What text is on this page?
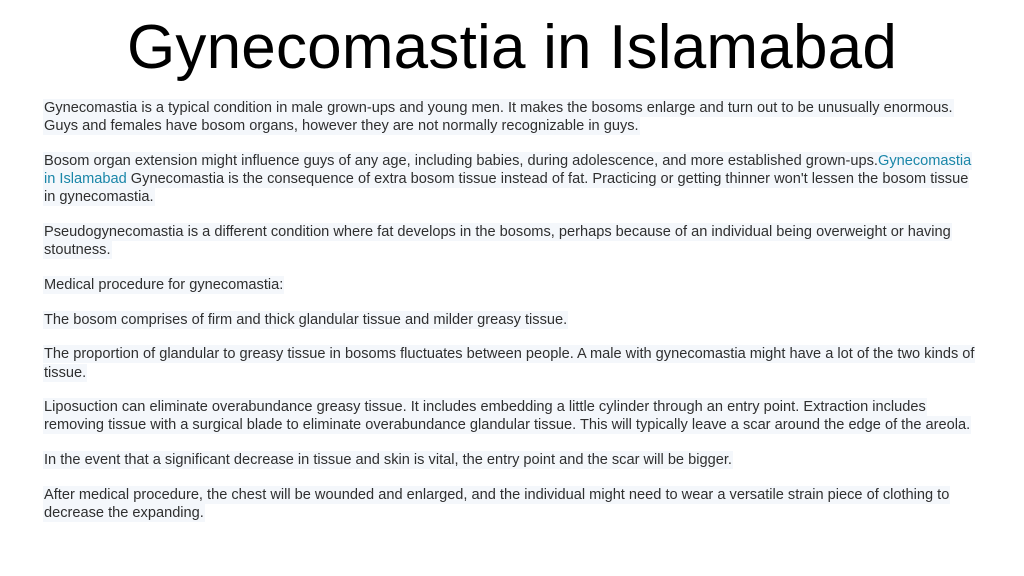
Gynecomastia in Islamabad

Gynecomastia is a typical condition in male grown-ups and young men. It makes the bosoms enlarge and turn out to be unusually enormous. Guys and females have bosom organs, however they are not normally recognizable in guys.

Bosom organ extension might influence guys of any age, including babies, during adolescence, and more established grown-ups.Gynecomastia in Islamabad Gynecomastia is the consequence of extra bosom tissue instead of fat. Practicing or getting thinner won't lessen the bosom tissue in gynecomastia.

Pseudogynecomastia is a different condition where fat develops in the bosoms, perhaps because of an individual being overweight or having stoutness.

Medical procedure for gynecomastia:

The bosom comprises of firm and thick glandular tissue and milder greasy tissue.

The proportion of glandular to greasy tissue in bosoms fluctuates between people. A male with gynecomastia might have a lot of the two kinds of tissue.

Liposuction can eliminate overabundance greasy tissue. It includes embedding a little cylinder through an entry point. Extraction includes removing tissue with a surgical blade to eliminate overabundance glandular tissue. This will typically leave a scar around the edge of the areola.

In the event that a significant decrease in tissue and skin is vital, the entry point and the scar will be bigger.

After medical procedure, the chest will be wounded and enlarged, and the individual might need to wear a versatile strain piece of clothing to decrease the expanding.
